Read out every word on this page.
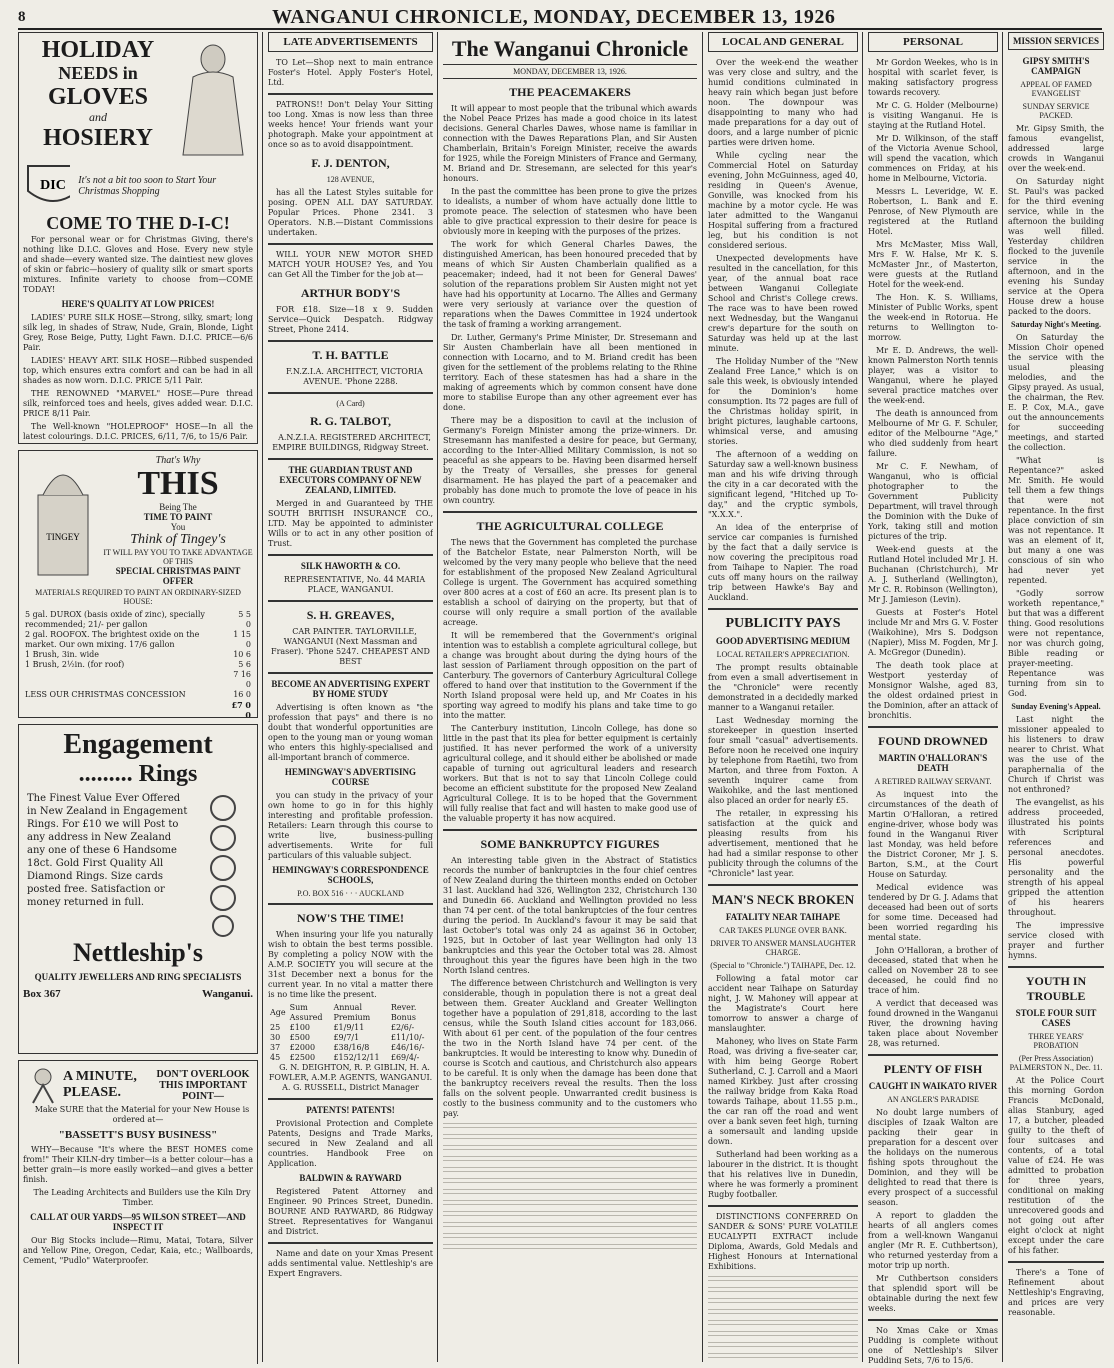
8	WANGANUI CHRONICLE, MONDAY, DECEMBER 13, 1926
HOLIDAY
NEEDS in
GLOVES
and
HOSIERY
DIC It's not a bit too soon to Start Your Christmas Shopping
COME TO THE D-I-C!

For personal wear or for Christmas Giving, there's nothing like D.I.C. Gloves and Hose. Every new style and shade—every wanted size. The daintiest new gloves of skin or fabric—hosiery of quality silk or smart sports mixtures. Infinite variety to choose from—COME TODAY!

HERE'S QUALITY AT LOW PRICES!

LADIES' PURE SILK HOSE—Strong, silky, smart; long silk leg, in shades of Straw, Nude, Grain, Blonde, Light Grey, Rose Beige, Putty, Light Fawn. D.I.C. PRICE—6/6 Pair.

LADIES' HEAVY ART. SILK HOSE—Ribbed suspended top, which ensures extra comfort and can be had in all shades as now worn. D.I.C. PRICE 5/11 Pair.

THE RENOWNED "MARVEL" HOSE—Pure thread silk, reinforced toes and heels, gives added wear. D.I.C. PRICE 8/11 Pair.

The Well-known "HOLEPROOF" HOSE—In all the latest colourings. D.I.C. PRICES, 6/11, 7/6, to 15/6 Pair.

TINGEY
That's Why
THIS
Being The
TIME TO PAINT
You
Think of Tingey's
IT WILL PAY YOU TO TAKE ADVANTAGE OF THIS
SPECIAL CHRISTMAS PAINT OFFER
MATERIALS REQUIRED TO PAINT AN ORDINARY-SIZED HOUSE:
5 gal. DUROX (basis oxide of zinc), specially recommended; 21/- per gallon	5 5 0
2 gal. ROOFOX. The brightest oxide on the market. Our own mixing. 17/6 gallon	1 15 0
1 Brush, 3in. wide	10 6
1 Brush, 2½in. (for roof)	5 6
	7 16 0
LESS OUR CHRISTMAS CONCESSION	16 0
	£7 0 0
Engagement
......... Rings
The Finest Value Ever Offered in New Zealand in Engagement Rings. For £10 we will Post to any address in New Zealand any one of these 6 Handsome 18ct. Gold First Quality All Diamond Rings. Size cards posted free. Satisfaction or money returned in full.
Nettleship's
QUALITY JEWELLERS AND RING SPECIALISTS
Box 367	Wanganui.
A MINUTE,
PLEASE.
DON'T OVERLOOK THIS IMPORTANT POINT—

Make SURE that the Material for your New House is ordered at—

"BASSETT'S BUSY BUSINESS"

WHY—Because "It's where the BEST HOMES come from!" Their KILN-dry timber—is a better colour—has a better grain—is more easily worked—and gives a better finish.

The Leading Architects and Builders use the Kiln Dry Timber.

CALL AT OUR YARDS—95 WILSON STREET—AND INSPECT IT

Our Big Stocks include—Rimu, Matai, Totara, Silver and Yellow Pine, Oregon, Cedar, Kaia, etc.; Wallboards, Cement, "Pudlo" Waterproofer.

LATE ADVERTISEMENTS

TO Let—Shop next to main entrance Foster's Hotel. Apply Foster's Hotel, Ltd.

PATRONS!! Don't Delay Your Sitting too Long. Xmas is now less than three weeks hence! Your friends want your photograph. Make your appointment at once so as to avoid disappointment.

F. J. DENTON,
128 AVENUE,

has all the Latest Styles suitable for posing. OPEN ALL DAY SATURDAY. Popular Prices. Phone 2341. 3 Operators. N.B.—Distant Commissions undertaken.

WILL YOUR NEW MOTOR SHED MATCH YOUR HOUSE? Yes, and You can Get All the Timber for the job at—

ARTHUR BODY'S

FOR £18. Size—18 x 9. Sudden Service—Quick Despatch. Ridgway Street, Phone 2414.

T. H. BATTLE

F.N.Z.I.A. ARCHITECT, VICTORIA AVENUE. 'Phone 2288.

(A Card)
R. G. TALBOT,

A.N.Z.I.A. REGISTERED ARCHITECT, EMPIRE BUILDINGS, Ridgway Street.

THE GUARDIAN TRUST AND EXECUTORS COMPANY OF NEW ZEALAND, LIMITED.

Merged in and Guaranteed by THE SOUTH BRITISH INSURANCE CO., LTD. May be appointed to administer Wills or to act in any other position of Trust.

SILK HAWORTH & CO.

REPRESENTATIVE, No. 44 MARIA PLACE, WANGANUI.

S. H. GREAVES,

CAR PAINTER. TAYLORVILLE, WANGANUI (Next Massman and Fraser). 'Phone 5247. CHEAPEST AND BEST

BECOME AN ADVERTISING EXPERT BY HOME STUDY

Advertising is often known as "the profession that pays" and there is no doubt that wonderful opportunities are open to the young man or young woman who enters this highly-specialised and all-important branch of commerce.

HEMINGWAY'S ADVERTISING COURSE

you can study in the privacy of your own home to go in for this highly interesting and profitable profession. Retailers: Learn through this course to write live, business-pulling advertisements. Write for full particulars of this valuable subject.

HEMINGWAY'S CORRESPONDENCE SCHOOLS,
P.O. BOX 516 · · · AUCKLAND
NOW'S THE TIME!

When insuring your life you naturally wish to obtain the best terms possible. By completing a policy NOW with the A.M.P. SOCIETY you will secure at the 31st December next a bonus for the current year. In no vital a matter there is no time like the present.

Age	Sum Assured	Annual Premium	Rever. Bonus
25	£100	£1/9/11	£2/6/-
30	£500	£9/7/1	£11/10/-
37	£2000	£38/16/8	£46/16/-
45	£2500	£152/12/11	£69/4/-

G. N. DEIGHTON, R. P. GIBLIN, H. A. FOWLER, A.M.P. AGENTS, WANGANUI. A. G. RUSSELL, District Manager

PATENTS! PATENTS!

Provisional Protection and Complete Patents, Designs and Trade Marks, secured in New Zealand and all countries. Handbook Free on Application.

BALDWIN & RAYWARD

Registered Patent Attorney and Engineer. 90 Princes Street, Dunedin. BOURNE AND RAYWARD, 86 Ridgway Street. Representatives for Wanganui and District.

Name and date on your Xmas Present adds sentimental value. Nettleship's are Expert Engravers.

The Wanganui Chronicle
MONDAY, DECEMBER 13, 1926.
THE PEACEMAKERS

It will appear to most people that the tribunal which awards the Nobel Peace Prizes has made a good choice in its latest decisions. General Charles Dawes, whose name is familiar in connection with the Dawes Reparations Plan, and Sir Austen Chamberlain, Britain's Foreign Minister, receive the awards for 1925, while the Foreign Ministers of France and Germany, M. Briand and Dr. Stresemann, are selected for this year's honours.

In the past the committee has been prone to give the prizes to idealists, a number of whom have actually done little to promote peace. The selection of statesmen who have been able to give practical expression to their desire for peace is obviously more in keeping with the purposes of the prizes.

The work for which General Charles Dawes, the distinguished American, has been honoured preceded that by means of which Sir Austen Chamberlain qualified as a peacemaker; indeed, had it not been for General Dawes' solution of the reparations problem Sir Austen might not yet have had his opportunity at Locarno. The Allies and Germany were very seriously at variance over the question of reparations when the Dawes Committee in 1924 undertook the task of framing a working arrangement.

Dr. Luther, Germany's Prime Minister, Dr. Stresemann and Sir Austen Chamberlain have all been mentioned in connection with Locarno, and to M. Briand credit has been given for the settlement of the problems relating to the Rhine territory. Each of these statesmen has had a share in the making of agreements which by common consent have done more to stabilise Europe than any other agreement ever has done.

There may be a disposition to cavil at the inclusion of Germany's Foreign Minister among the prize-winners. Dr. Stresemann has manifested a desire for peace, but Germany, according to the Inter-Allied Military Commission, is not so peaceful as she appears to be. Having been disarmed herself by the Treaty of Versailles, she presses for general disarmament. He has played the part of a peacemaker and probably has done much to promote the love of peace in his own country.

THE AGRICULTURAL COLLEGE

The news that the Government has completed the purchase of the Batchelor Estate, near Palmerston North, will be welcomed by the very many people who believe that the need for establishment of the proposed New Zealand Agricultural College is urgent. The Government has acquired something over 800 acres at a cost of £60 an acre. Its present plan is to establish a school of dairying on the property, but that of course will only require a small portion of the available acreage.

It will be remembered that the Government's original intention was to establish a complete agricultural college, but a change was brought about during the dying hours of the last session of Parliament through opposition on the part of Canterbury. The governors of Canterbury Agricultural College offered to hand over that institution to the Government if the North Island proposal were held up, and Mr Coates in his sporting way agreed to modify his plans and take time to go into the matter.

The Canterbury institution, Lincoln College, has done so little in the past that its plea for better equipment is certainly justified. It has never performed the work of a university agricultural college, and it should either be abolished or made capable of turning out agricultural leaders and research workers. But that is not to say that Lincoln College could become an efficient substitute for the proposed New Zealand Agricultural College. It is to be hoped that the Government will fully realise that fact and will hasten to make good use of the valuable property it has now acquired.

SOME BANKRUPTCY FIGURES

An interesting table given in the Abstract of Statistics records the number of bankruptcies in the four chief centres of New Zealand during the thirteen months ended on October 31 last. Auckland had 326, Wellington 232, Christchurch 130 and Dunedin 66. Auckland and Wellington provided no less than 74 per cent. of the total bankruptcies of the four centres during the period. In Auckland's favour it may be said that last October's total was only 24 as against 36 in October, 1925, but in October of last year Wellington had only 13 bankruptcies and this year the October total was 28. Almost throughout this year the figures have been high in the two North Island centres.

The difference between Christchurch and Wellington is very considerable, though in population there is not a great deal between them. Greater Auckland and Greater Wellington together have a population of 291,818, according to the last census, while the South Island cities account for 183,066. With about 61 per cent. of the population of the four centres the two in the North Island have 74 per cent. of the bankruptcies. It would be interesting to know why. Dunedin of course is Scotch and cautious, and Christchurch also appears to be careful. It is only when the damage has been done that the bankruptcy receivers reveal the results. Then the loss falls on the solvent people. Unwarranted credit business is costly to the business community and to the customers who pay.

LOCAL AND GENERAL

Over the week-end the weather was very close and sultry, and the humid conditions culminated in heavy rain which began just before noon. The downpour was disappointing to many who had made preparations for a day out of doors, and a large number of picnic parties were driven home.

While cycling near the Commercial Hotel on Saturday evening, John McGuinness, aged 40, residing in Queen's Avenue, Gonville, was knocked from his machine by a motor cycle. He was later admitted to the Wanganui Hospital suffering from a fractured leg, but his condition is not considered serious.

Unexpected developments have resulted in the cancellation, for this year, of the annual boat race between Wanganui Collegiate School and Christ's College crews. The race was to have been rowed next Wednesday, but the Wanganui crew's departure for the south on Saturday was held up at the last minute.

The Holiday Number of the "New Zealand Free Lance," which is on sale this week, is obviously intended for the Dominion's home consumption. Its 72 pages are full of the Christmas holiday spirit, in bright pictures, laughable cartoons, whimsical verse, and amusing stories.

The afternoon of a wedding on Saturday saw a well-known business man and his wife driving through the city in a car decorated with the significant legend, "Hitched up To-day," and the cryptic symbols, "X.X.X.".

An idea of the enterprise of service car companies is furnished by the fact that a daily service is now covering the precipitous road from Taihape to Napier. The road cuts off many hours on the railway trip between Hawke's Bay and Auckland.

PUBLICITY PAYS
GOOD ADVERTISING MEDIUM
LOCAL RETAILER'S APPRECIATION.

The prompt results obtainable from even a small advertisement in the "Chronicle" were recently demonstrated in a decidedly marked manner to a Wanganui retailer.

Last Wednesday morning the storekeeper in question inserted four small "casual" advertisements. Before noon he received one inquiry by telephone from Raetihi, two from Marton, and three from Foxton. A seventh inquirer came from Waikohike, and the last mentioned also placed an order for nearly £5.

The retailer, in expressing his satisfaction at the quick and pleasing results from his advertisement, mentioned that he had had a similar response to other publicity through the columns of the "Chronicle" last year.

MAN'S NECK BROKEN
FATALITY NEAR TAIHAPE
CAR TAKES PLUNGE OVER BANK.
DRIVER TO ANSWER MANSLAUGHTER CHARGE.
(Special to "Chronicle.") TAIHAPE, Dec. 12.

Following a fatal motor car accident near Taihape on Saturday night, J. W. Mahoney will appear at the Magistrate's Court here tomorrow to answer a charge of manslaughter.

Mahoney, who lives on State Farm Road, was driving a five-seater car, with him being George Robert Sutherland, C. J. Carroll and a Maori named Kirkbey. Just after crossing the railway bridge from Kaka Road towards Taihape, about 11.55 p.m., the car ran off the road and went over a bank seven feet high, turning a somersault and landing upside down.

Sutherland had been working as a labourer in the district. It is thought that his relatives live in Dunedin, where he was formerly a prominent Rugby footballer.

DISTINCTIONS CONFERRED On SANDER & SONS' PURE VOLATILE EUCALYPTI EXTRACT include Diploma, Awards, Gold Medals and Highest Honours at International Exhibitions.

PERSONAL

Mr Gordon Weekes, who is in hospital with scarlet fever, is making satisfactory progress towards recovery.

Mr C. G. Holder (Melbourne) is visiting Wanganui. He is staying at the Rutland Hotel.

Mr D. Wilkinson, of the staff of the Victoria Avenue School, will spend the vacation, which commences on Friday, at his home in Melbourne, Victoria.

Messrs L. Leveridge, W. E. Robertson, L. Bank and E. Penrose, of New Plymouth are registered at the Rutland Hotel.

Mrs McMaster, Miss Wall, Mrs F. W. Halse, Mr K. S. McMaster Jnr., of Masterton, were guests at the Rutland Hotel for the week-end.

The Hon. K. S. Williams, Minister of Public Works, spent the week-end in Rotorua. He returns to Wellington to-morrow.

Mr E. D. Andrews, the well-known Palmerston North tennis player, was a visitor to Wanganui, where he played several practice matches over the week-end.

The death is announced from Melbourne of Mr G. F. Schuler, editor of the Melbourne "Age," who died suddenly from heart failure.

Mr C. F. Newham, of Wanganui, who is official photographer to the Government Publicity Department, will travel through the Dominion with the Duke of York, taking still and motion pictures of the trip.

Week-end guests at the Rutland Hotel included Mr J. H. Buchanan (Christchurch), Mr A. J. Sutherland (Wellington), Mr C. R. Robinson (Wellington), Mr J. Jamieson (Levin).

Guests at Foster's Hotel include Mr and Mrs G. V. Foster (Waikohine), Mrs S. Dodgson (Napier), Miss M. Fogden, Mr J. A. McGregor (Dunedin).

The death took place at Westport yesterday of Monsignor Walshe, aged 83, the oldest ordained priest in the Dominion, after an attack of bronchitis.

FOUND DROWNED
MARTIN O'HALLORAN'S DEATH
A RETIRED RAILWAY SERVANT.

As inquest into the circumstances of the death of Martin O'Halloran, a retired engine-driver, whose body was found in the Wanganui River last Monday, was held before the District Coroner, Mr J. S. Barton, S.M., at the Court House on Saturday.

Medical evidence was tendered by Dr G. J. Adams that deceased had been out of sorts for some time. Deceased had been worried regarding his mental state.

John O'Halloran, a brother of deceased, stated that when he called on November 28 to see deceased, he could find no trace of him.

A verdict that deceased was found drowned in the Wanganui River, the drowning having taken place about November 28, was returned.

PLENTY OF FISH
CAUGHT IN WAIKATO RIVER
AN ANGLER'S PARADISE

No doubt large numbers of disciples of Izaak Walton are packing their gear in preparation for a descent over the holidays on the numerous fishing spots throughout the Dominion, and they will be delighted to read that there is every prospect of a successful season.

A report to gladden the hearts of all anglers comes from a well-known Wanganui angler (Mr R. E. Cuthbertson), who returned yesterday from a motor trip up north.

Mr Cuthbertson considers that splendid sport will be obtainable during the next few weeks.

No Xmas Cake or Xmas Pudding is complete without one of Nettleship's Silver Pudding Sets, 7/6 to 15/6.

MISSION SERVICES
GIPSY SMITH'S CAMPAIGN
APPEAL OF FAMED EVANGELIST
SUNDAY SERVICE PACKED.

Mr. Gipsy Smith, the famous evangelist, addressed large crowds in Wanganui over the week-end.

On Saturday night St. Paul's was packed for the third evening service, while in the afternoon the building was well filled. Yesterday children flocked to the juvenile service in the afternoon, and in the evening his Sunday service at the Opera House drew a house packed to the doors.

Saturday Night's Meeting.

On Saturday the Mission Choir opened the service with the usual pleasing melodies, and the Gipsy prayed. As usual, the chairman, the Rev. E. P. Cox, M.A., gave out the announcements for succeeding meetings, and started the collection.

"What is Repentance?" asked Mr. Smith. He would tell them a few things that were not repentance. In the first place conviction of sin was not repentance. It was an element of it, but many a one was conscious of sin who had never yet repented.

"Godly sorrow worketh repentance," but that was a different thing. Good resolutions were not repentance, nor was church going, Bible reading or prayer-meeting. Repentance was turning from sin to God.

Sunday Evening's Appeal.

Last night the missioner appealed to his listeners to draw nearer to Christ. What was the use of the paraphernalia of the Church if Christ was not enthroned?

The evangelist, as his address proceeded, illustrated his points with Scriptural references and personal anecdotes. His powerful personality and the strength of his appeal gripped the attention of his hearers throughout.

The impressive service closed with prayer and further hymns.

YOUTH IN TROUBLE
STOLE FOUR SUIT CASES
THREE YEARS' PROBATION
(Per Press Association) PALMERSTON N., Dec. 11.

At the Police Court this morning Gordon Francis McDonald, alias Stanbury, aged 17, a butcher, pleaded guilty to the theft of four suitcases and contents, of a total value of £24. He was admitted to probation for three years, conditional on making restitution of the unrecovered goods and not going out after eight o'clock at night except under the care of his father.

There's a Tone of Refinement about Nettleship's Engraving, and prices are very reasonable.
